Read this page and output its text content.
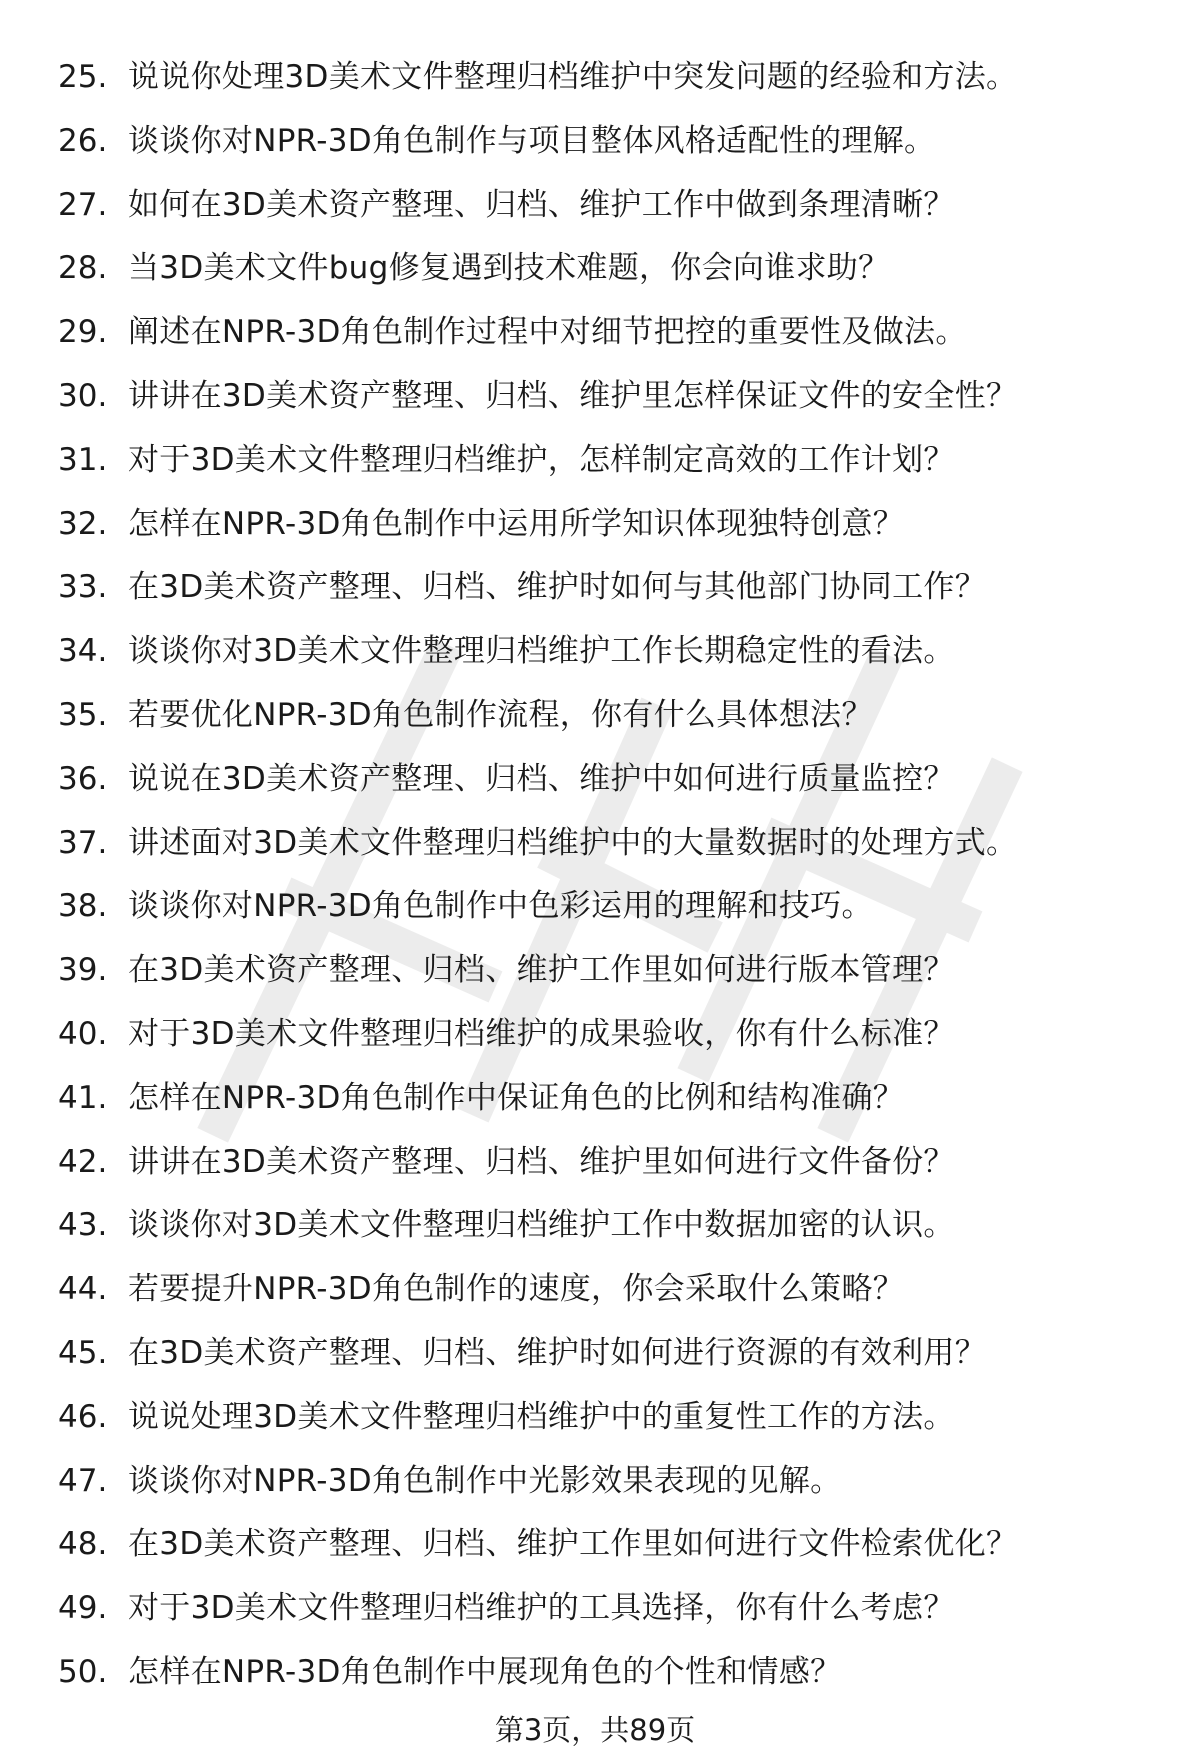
25. 说说你处理3D美术文件整理归档维护中突发问题的经验和方法。
26. 谈谈你对NPR-3D角色制作与项目整体风格适配性的理解。
27. 如何在3D美术资产整理、归档、维护工作中做到条理清晰？
28. 当3D美术文件bug修复遇到技术难题，你会向谁求助？
29. 阐述在NPR-3D角色制作过程中对细节把控的重要性及做法。
30. 讲讲在3D美术资产整理、归档、维护里怎样保证文件的安全性？
31. 对于3D美术文件整理归档维护，怎样制定高效的工作计划？
32. 怎样在NPR-3D角色制作中运用所学知识体现独特创意？
33. 在3D美术资产整理、归档、维护时如何与其他部门协同工作？
34. 谈谈你对3D美术文件整理归档维护工作长期稳定性的看法。
35. 若要优化NPR-3D角色制作流程，你有什么具体想法？
36. 说说在3D美术资产整理、归档、维护中如何进行质量监控？
37. 讲述面对3D美术文件整理归档维护中的大量数据时的处理方式。
38. 谈谈你对NPR-3D角色制作中色彩运用的理解和技巧。
39. 在3D美术资产整理、归档、维护工作里如何进行版本管理？
40. 对于3D美术文件整理归档维护的成果验收，你有什么标准？
41. 怎样在NPR-3D角色制作中保证角色的比例和结构准确？
42. 讲讲在3D美术资产整理、归档、维护里如何进行文件备份？
43. 谈谈你对3D美术文件整理归档维护工作中数据加密的认识。
44. 若要提升NPR-3D角色制作的速度，你会采取什么策略？
45. 在3D美术资产整理、归档、维护时如何进行资源的有效利用？
46. 说说处理3D美术文件整理归档维护中的重复性工作的方法。
47. 谈谈你对NPR-3D角色制作中光影效果表现的见解。
48. 在3D美术资产整理、归档、维护工作里如何进行文件检索优化？
49. 对于3D美术文件整理归档维护的工具选择，你有什么考虑？
50. 怎样在NPR-3D角色制作中展现角色的个性和情感？
第3页，共89页
